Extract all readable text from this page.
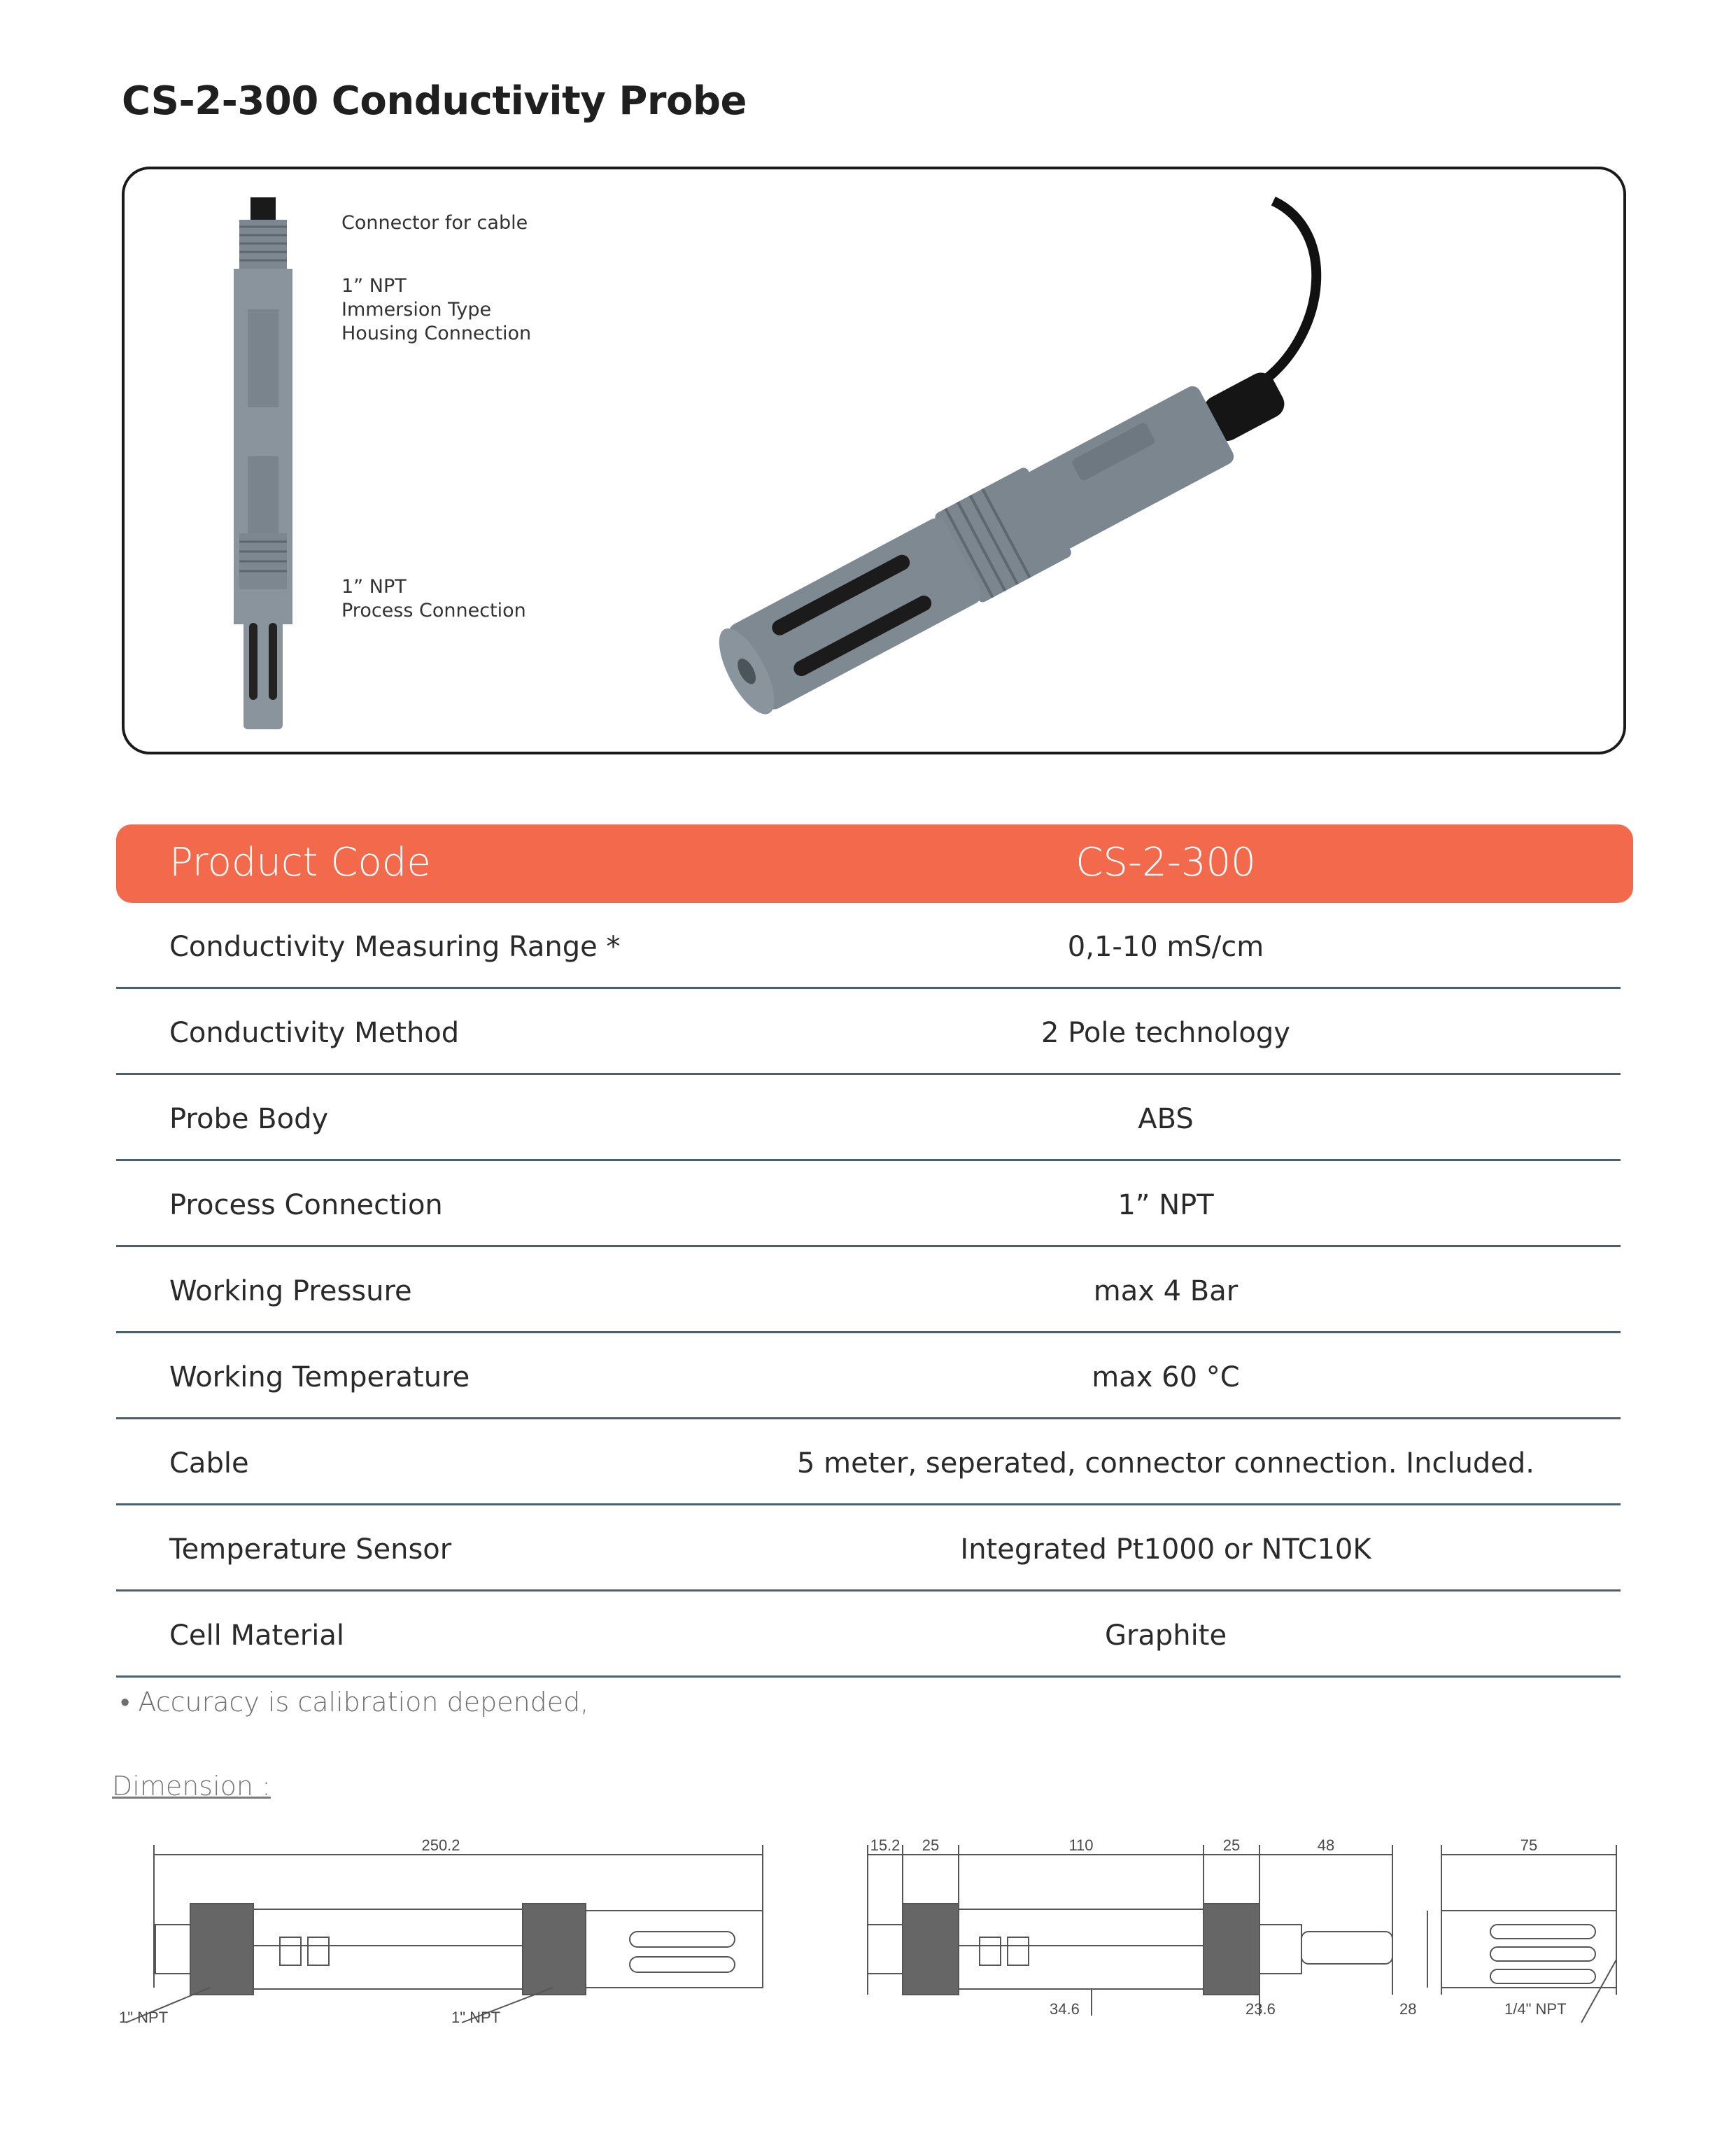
CS-2-300 Conductivity Probe
Connector for cable
1” NPT
Immersion Type
Housing Connection
1” NPT
Process Connection
Product Code	CS-2-300
Conductivity Measuring Range *	0,1-10 mS/cm
Conductivity Method	2 Pole technology
Probe Body	ABS
Process Connection	1” NPT
Working Pressure	max 4 Bar
Working Temperature	max 60 °C
Cable	5 meter, seperated, connector connection. Included.
Temperature Sensor	Integrated Pt1000 or NTC10K
Cell Material	Graphite
• Accuracy is calibration depended,
Dimension :
250.2
1" NPT	1" NPT
15.2 25	110	25	48
34.6	23.6
75
28	1/4" NPT
